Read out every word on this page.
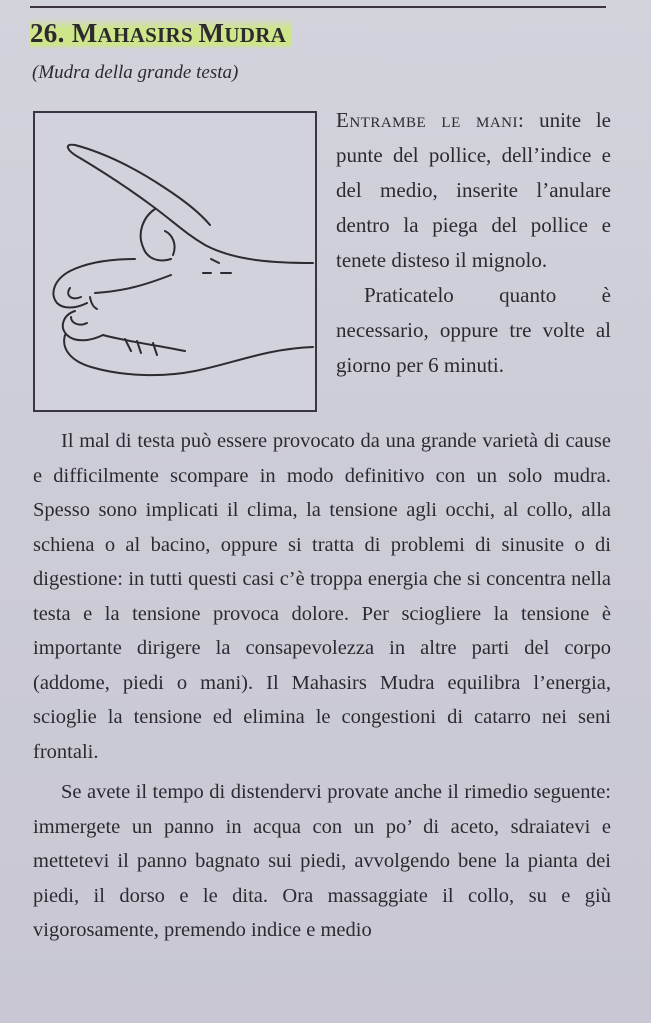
26. MAHASIRS MUDRA
(Mudra della grande testa)

Entrambe le mani: unite le punte del pollice, dell’indice e del medio, inserite l’anulare dentro la piega del pollice e tenete disteso il mignolo.

Praticatelo quanto è necessario, oppure tre volte al giorno per 6 minuti.

Il mal di testa può essere provocato da una grande varietà di cause e difficilmente scompare in modo definitivo con un solo mudra. Spesso sono implicati il clima, la tensione agli occhi, al collo, alla schiena o al bacino, oppure si tratta di problemi di sinusite o di digestione: in tutti questi casi c’è troppa energia che si concentra nella testa e la tensione provoca dolore. Per sciogliere la tensione è importante dirigere la consapevolezza in altre parti del corpo (addome, piedi o mani). Il Mahasirs Mudra equilibra l’energia, scioglie la tensione ed elimina le congestioni di catarro nei seni frontali.

Se avete il tempo di distendervi provate anche il rimedio seguente: immergete un panno in acqua con un po’ di aceto, sdraiatevi e mettetevi il panno bagnato sui piedi, avvolgendo bene la pianta dei piedi, il dorso e le dita. Ora massaggiate il collo, su e giù vigorosamente, premendo indice e medio
